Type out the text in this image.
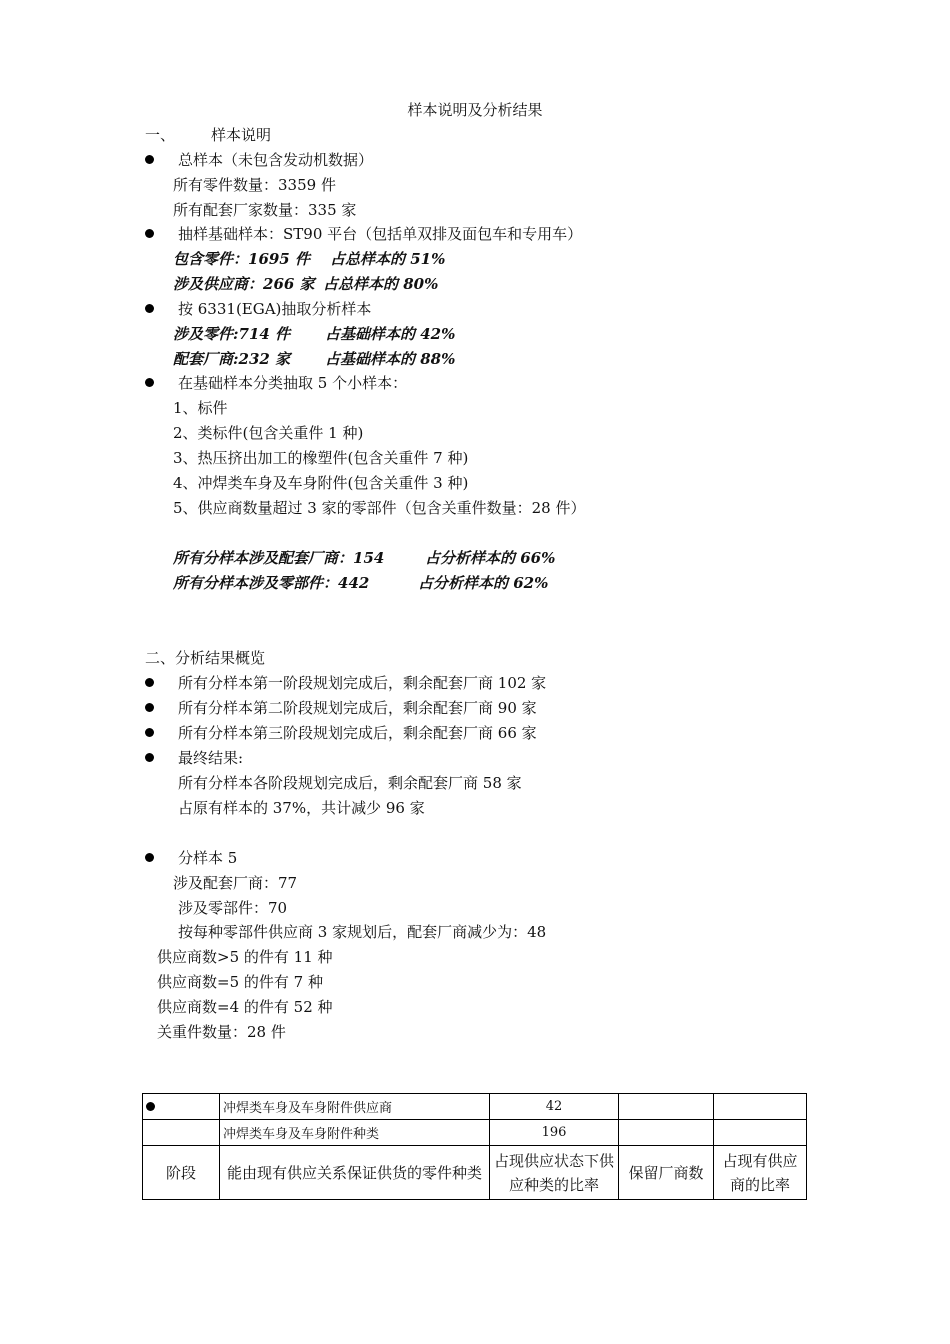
样本说明及分析结果
一、 样本说明
总样本（未包含发动机数据）
所有零件数量：3359 件
所有配套厂家数量：335 家
抽样基础样本：ST90 平台（包括单双排及面包车和专用车）
包含零件：1695 件 占总样本的 51%
涉及供应商：266 家 占总样本的 80%
按 6331(EGA)抽取分析样本
涉及零件:714 件 占基础样本的 42%
配套厂商:232 家 占基础样本的 88%
在基础样本分类抽取 5 个小样本：
1、标件
2、类标件(包含关重件 1 种)
3、热压挤出加工的橡塑件(包含关重件 7 种)
4、冲焊类车身及车身附件(包含关重件 3 种)
5、供应商数量超过 3 家的零部件（包含关重件数量：28 件）
所有分样本涉及配套厂商：154	占分析样本的 66%
所有分样本涉及零部件：442	占分析样本的 62%
二、分析结果概览
所有分样本第一阶段规划完成后，剩余配套厂商 102 家
所有分样本第二阶段规划完成后，剩余配套厂商 90 家
所有分样本第三阶段规划完成后，剩余配套厂商 66 家
最终结果:
所有分样本各阶段规划完成后，剩余配套厂商 58 家
占原有样本的 37%，共计减少 96 家
分样本 5
涉及配套厂商：77
涉及零部件：70
按每种零部件供应商 3 家规划后，配套厂商减少为：48
供应商数>5 的件有 11 种
供应商数=5 的件有 7 种
供应商数=4 的件有 52 种
关重件数量：28 件
	冲焊类车身及车身附件供应商	42		
	冲焊类车身及车身附件种类	196		
阶段	能由现有供应关系保证供货的零件种类	占现供应状态下供应种类的比率	保留厂商数	占现有供应商的比率
